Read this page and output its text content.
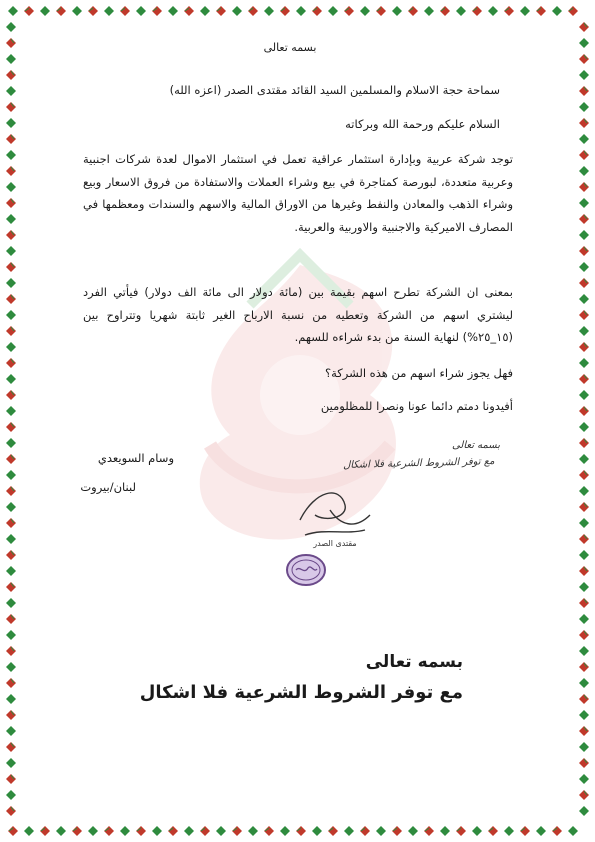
بسمه تعالى
سماحة حجة الاسلام والمسلمين السيد القائد مقتدى الصدر (اعزه الله)
السلام عليكم ورحمة الله وبركاته
توجد شركة عربية وبإدارة استثمار عراقية تعمل في استثمار الاموال لعدة شركات اجنبية وعربية متعددة، لبورصة كمتاجرة في بيع وشراء العملات والاستفادة من فروق الاسعار وبيع وشراء الذهب والمعادن والنفط وغيرها من الاوراق المالية والاسهم والسندات ومعظمها في المصارف الاميركية والاجنبية والاوربية والعربية.
بمعنى ان الشركة تطرح اسهم بقيمة بين (مائة دولار الى مائة الف دولار) فيأتي الفرد ليشتري اسهم من الشركة وتعطيه من نسبة الارباح الغير ثابتة شهريا وتتراوح بين (١٥_٢٥%) لنهاية السنة من بدء شراءه للسهم.
فهل يجوز شراء اسهم من هذه الشركة؟
أفيدونا دمتم دائما عونا ونصرا للمظلومين
بسمه تعالى
مع توفر الشروط الشرعية فلا اشكال
وسام السويعدي
لبنان/بيروت
مقتدى الصدر
بسمه تعالى
مع توفر الشروط الشرعية فلا اشكال
